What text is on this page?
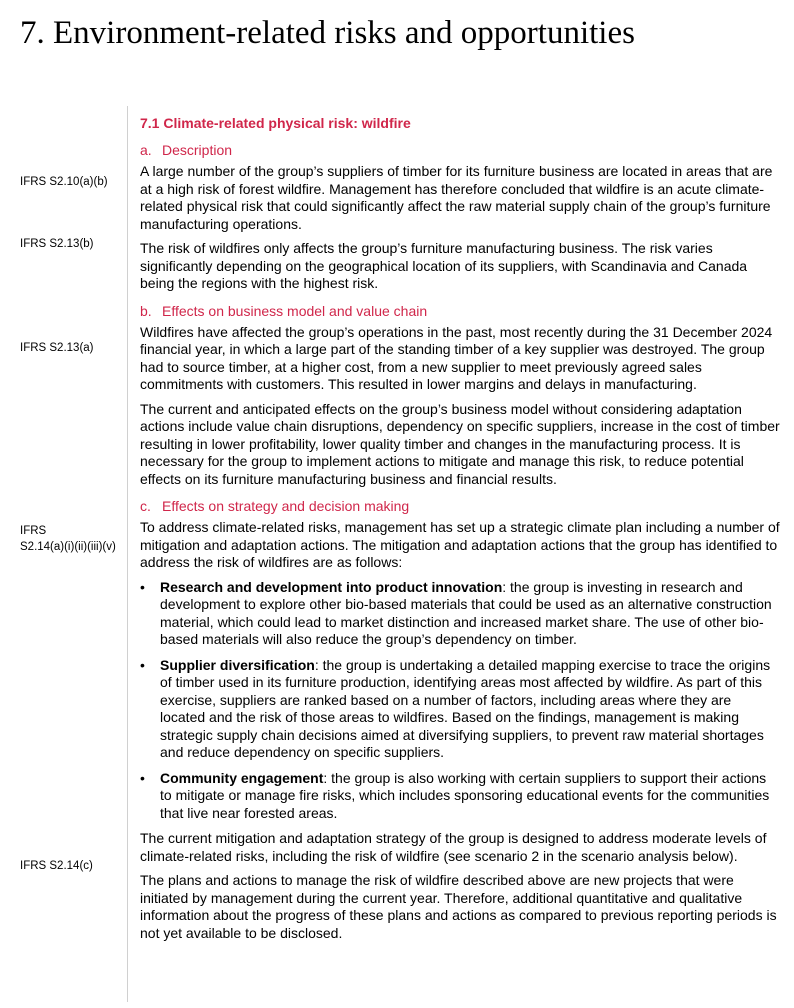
7. Environment-related risks and opportunities
IFRS S2.10(a)(b)
IFRS S2.13(b)
IFRS S2.13(a)
IFRS
S2.14(a)(i)(ii)(iii)(v)
IFRS S2.14(c)
7.1 Climate-related physical risk: wildfire
a. Description

A large number of the group’s suppliers of timber for its furniture business are located in areas that are at a high risk of forest wildfire. Management has therefore concluded that wildfire is an acute climate-related physical risk that could significantly affect the raw material supply chain of the group’s furniture manufacturing operations.

The risk of wildfires only affects the group’s furniture manufacturing business. The risk varies significantly depending on the geographical location of its suppliers, with Scandinavia and Canada being the regions with the highest risk.

b. Effects on business model and value chain

Wildfires have affected the group’s operations in the past, most recently during the 31 December 2024 financial year, in which a large part of the standing timber of a key supplier was destroyed. The group had to source timber, at a higher cost, from a new supplier to meet previously agreed sales commitments with customers. This resulted in lower margins and delays in manufacturing.

The current and anticipated effects on the group’s business model without considering adaptation actions include value chain disruptions, dependency on specific suppliers, increase in the cost of timber resulting in lower profitability, lower quality timber and changes in the manufacturing process. It is necessary for the group to implement actions to mitigate and manage this risk, to reduce potential effects on its furniture manufacturing business and financial results.

c. Effects on strategy and decision making

To address climate-related risks, management has set up a strategic climate plan including a number of mitigation and adaptation actions. The mitigation and adaptation actions that the group has identified to address the risk of wildfires are as follows:

• Research and development into product innovation: the group is investing in research and development to explore other bio-based materials that could be used as an alternative construction material, which could lead to market distinction and increased market share. The use of other bio-based materials will also reduce the group’s dependency on timber.
• Supplier diversification: the group is undertaking a detailed mapping exercise to trace the origins of timber used in its furniture production, identifying areas most affected by wildfire. As part of this exercise, suppliers are ranked based on a number of factors, including areas where they are located and the risk of those areas to wildfires. Based on the findings, management is making strategic supply chain decisions aimed at diversifying suppliers, to prevent raw material shortages and reduce dependency on specific suppliers.
• Community engagement: the group is also working with certain suppliers to support their actions to mitigate or manage fire risks, which includes sponsoring educational events for the communities that live near forested areas.

The current mitigation and adaptation strategy of the group is designed to address moderate levels of climate-related risks, including the risk of wildfire (see scenario 2 in the scenario analysis below).

The plans and actions to manage the risk of wildfire described above are new projects that were initiated by management during the current year. Therefore, additional quantitative and qualitative information about the progress of these plans and actions as compared to previous reporting periods is not yet available to be disclosed.
